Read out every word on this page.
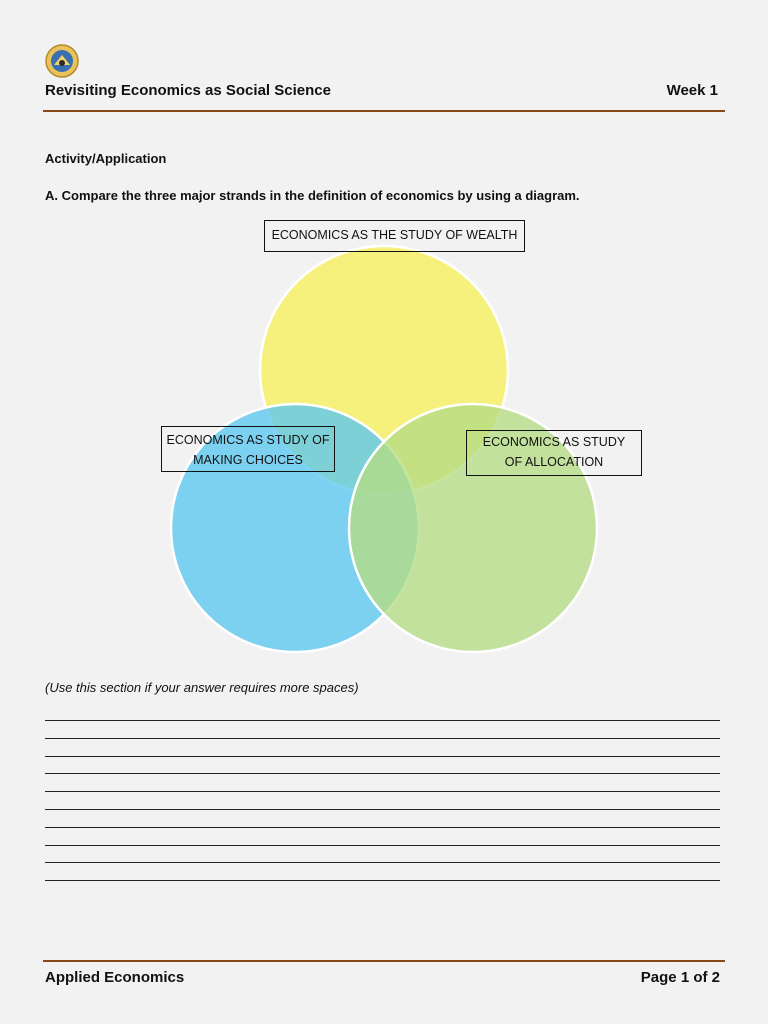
Revisiting Economics as Social Science	Week 1
Activity/Application
A. Compare the three major strands in the definition of economics by using a diagram.
ECONOMICS AS THE STUDY OF WEALTH
ECONOMICS AS STUDY OF
MAKING CHOICES
ECONOMICS AS STUDY
OF ALLOCATION
(Use this section if your answer requires more spaces)
Applied Economics	Page 1 of 2
